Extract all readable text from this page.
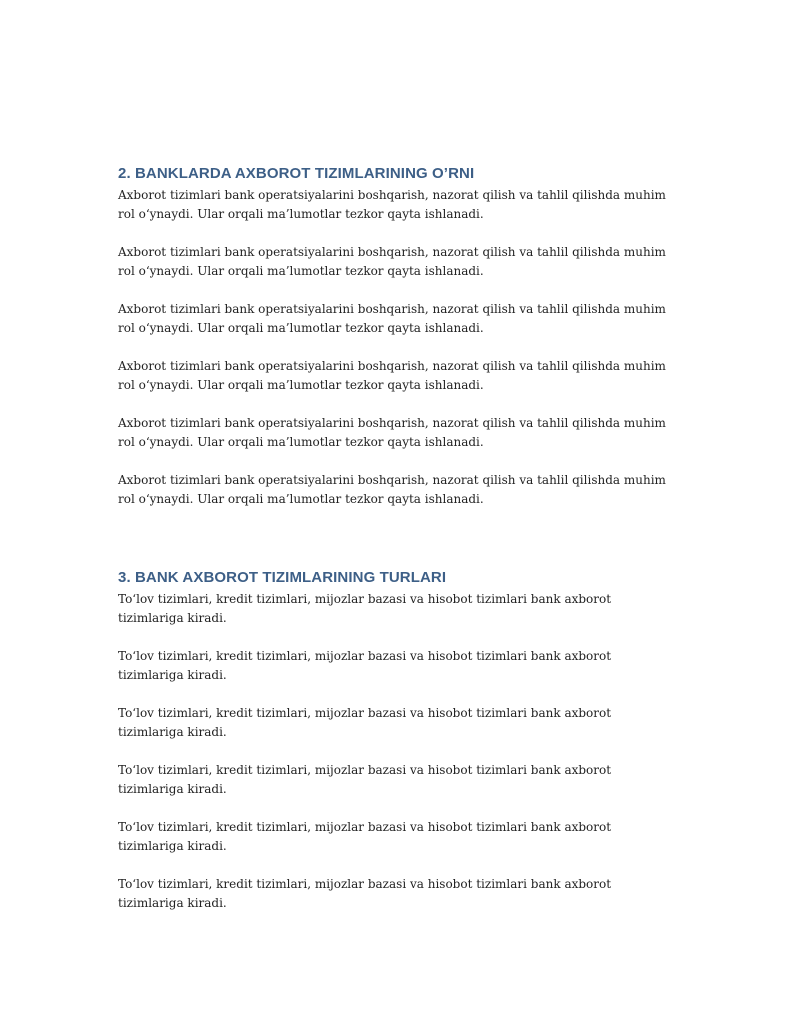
2. BANKLARDA AXBOROT TIZIMLARINING O’RNI

Axborot tizimlari bank operatsiyalarini boshqarish, nazorat qilish va tahlil qilishda muhim rol o‘ynaydi. Ular orqali ma’lumotlar tezkor qayta ishlanadi.

Axborot tizimlari bank operatsiyalarini boshqarish, nazorat qilish va tahlil qilishda muhim rol o‘ynaydi. Ular orqali ma’lumotlar tezkor qayta ishlanadi.

Axborot tizimlari bank operatsiyalarini boshqarish, nazorat qilish va tahlil qilishda muhim rol o‘ynaydi. Ular orqali ma’lumotlar tezkor qayta ishlanadi.

Axborot tizimlari bank operatsiyalarini boshqarish, nazorat qilish va tahlil qilishda muhim rol o‘ynaydi. Ular orqali ma’lumotlar tezkor qayta ishlanadi.

Axborot tizimlari bank operatsiyalarini boshqarish, nazorat qilish va tahlil qilishda muhim rol o‘ynaydi. Ular orqali ma’lumotlar tezkor qayta ishlanadi.

Axborot tizimlari bank operatsiyalarini boshqarish, nazorat qilish va tahlil qilishda muhim rol o‘ynaydi. Ular orqali ma’lumotlar tezkor qayta ishlanadi.

3. BANK AXBOROT TIZIMLARINING TURLARI

To‘lov tizimlari, kredit tizimlari, mijozlar bazasi va hisobot tizimlari bank axborot tizimlariga kiradi.

To‘lov tizimlari, kredit tizimlari, mijozlar bazasi va hisobot tizimlari bank axborot tizimlariga kiradi.

To‘lov tizimlari, kredit tizimlari, mijozlar bazasi va hisobot tizimlari bank axborot tizimlariga kiradi.

To‘lov tizimlari, kredit tizimlari, mijozlar bazasi va hisobot tizimlari bank axborot tizimlariga kiradi.

To‘lov tizimlari, kredit tizimlari, mijozlar bazasi va hisobot tizimlari bank axborot tizimlariga kiradi.

To‘lov tizimlari, kredit tizimlari, mijozlar bazasi va hisobot tizimlari bank axborot tizimlariga kiradi.
